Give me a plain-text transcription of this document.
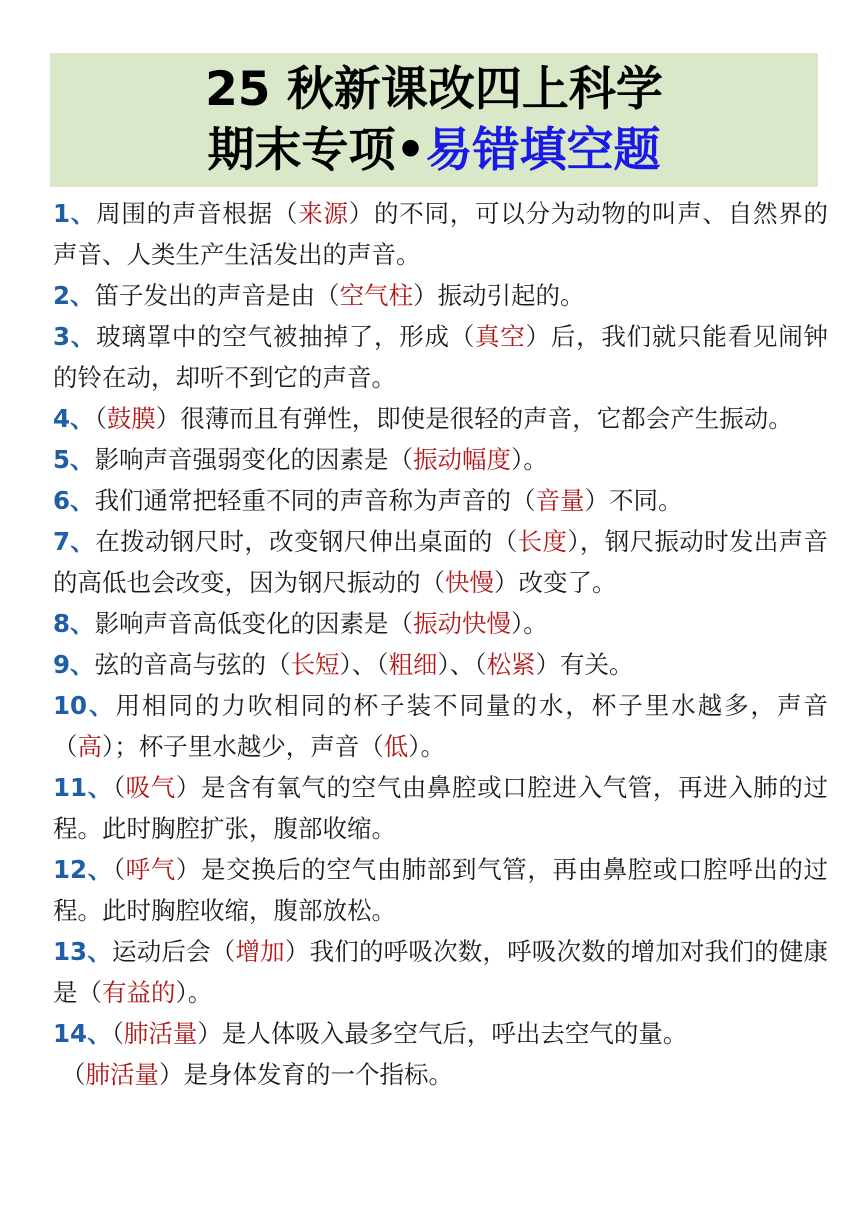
25 秋新课改四上科学
期末专项•易错填空题
1、周围的声音根据（来源）的不同，可以分为动物的叫声、自然界的声音、人类生产生活发出的声音。
2、笛子发出的声音是由（空气柱）振动引起的。
3、玻璃罩中的空气被抽掉了，形成（真空）后，我们就只能看见闹钟的铃在动，却听不到它的声音。
4、（鼓膜）很薄而且有弹性，即使是很轻的声音，它都会产生振动。
5、影响声音强弱变化的因素是（振动幅度）。
6、我们通常把轻重不同的声音称为声音的（音量）不同。
7、在拨动钢尺时，改变钢尺伸出桌面的（长度），钢尺振动时发出声音的高低也会改变，因为钢尺振动的（快慢）改变了。
8、影响声音高低变化的因素是（振动快慢）。
9、弦的音高与弦的（长短）、（粗细）、（松紧）有关。
10、用相同的力吹相同的杯子装不同量的水，杯子里水越多，声音（高）；杯子里水越少，声音（低）。
11、（吸气）是含有氧气的空气由鼻腔或口腔进入气管，再进入肺的过程。此时胸腔扩张，腹部收缩。
12、（呼气）是交换后的空气由肺部到气管，再由鼻腔或口腔呼出的过程。此时胸腔收缩，腹部放松。
13、运动后会（增加）我们的呼吸次数，呼吸次数的增加对我们的健康是（有益的）。
14、（肺活量）是人体吸入最多空气后，呼出去空气的量。
（肺活量）是身体发育的一个指标。
